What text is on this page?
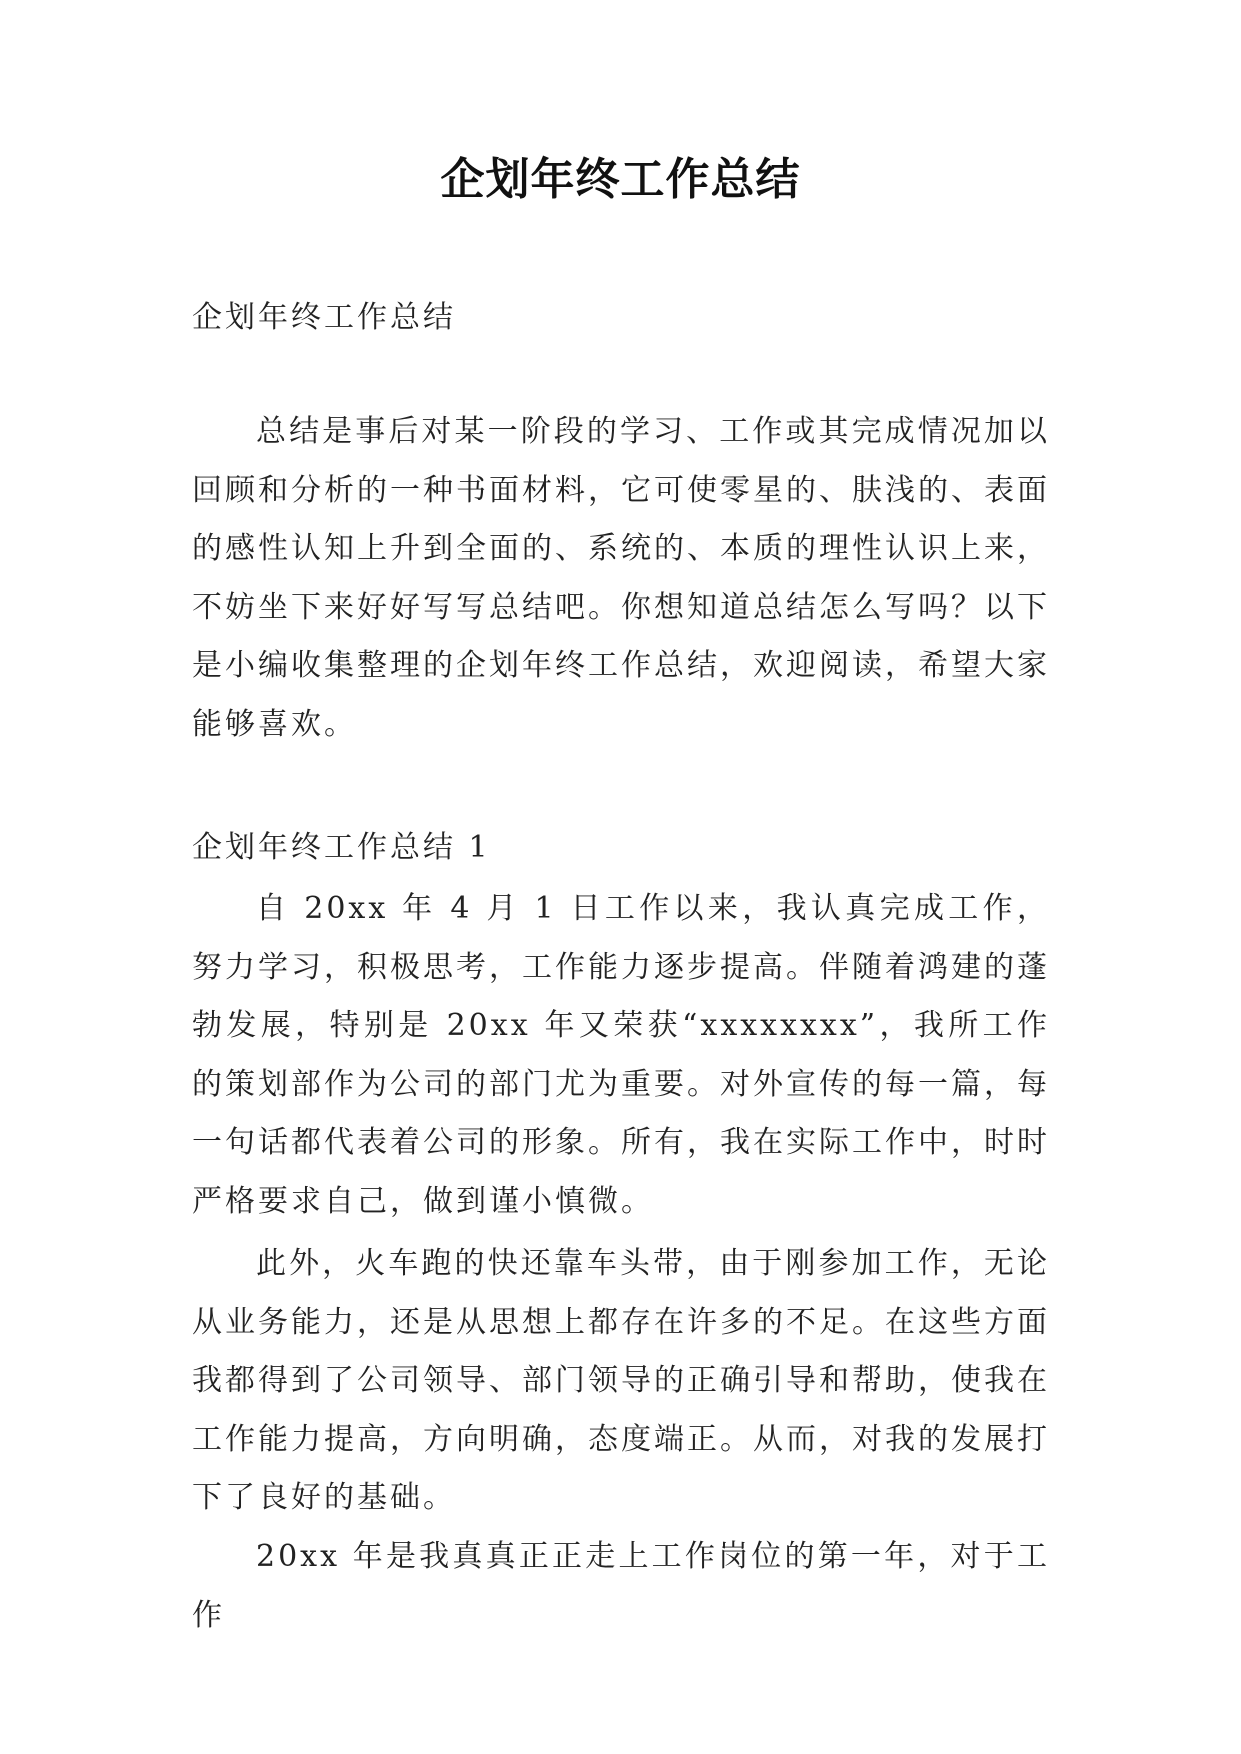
企划年终工作总结
企划年终工作总结
总结是事后对某一阶段的学习、工作或其完成情况加以回顾和分析的一种书面材料，它可使零星的、肤浅的、表面的感性认知上升到全面的、系统的、本质的理性认识上来，不妨坐下来好好写写总结吧。你想知道总结怎么写吗？以下是小编收集整理的企划年终工作总结，欢迎阅读，希望大家能够喜欢。
企划年终工作总结 1
自 20xx 年 4 月 1 日工作以来，我认真完成工作，努力学习，积极思考，工作能力逐步提高。伴随着鸿建的蓬勃发展，特别是 20xx 年又荣获“xxxxxxxx”，我所工作的策划部作为公司的部门尤为重要。对外宣传的每一篇，每一句话都代表着公司的形象。所有，我在实际工作中，时时严格要求自己，做到谨小慎微。
此外，火车跑的快还靠车头带，由于刚参加工作，无论从业务能力，还是从思想上都存在许多的不足。在这些方面我都得到了公司领导、部门领导的正确引导和帮助，使我在工作能力提高，方向明确，态度端正。从而，对我的发展打下了良好的基础。
20xx 年是我真真正正走上工作岗位的第一年，对于工作
